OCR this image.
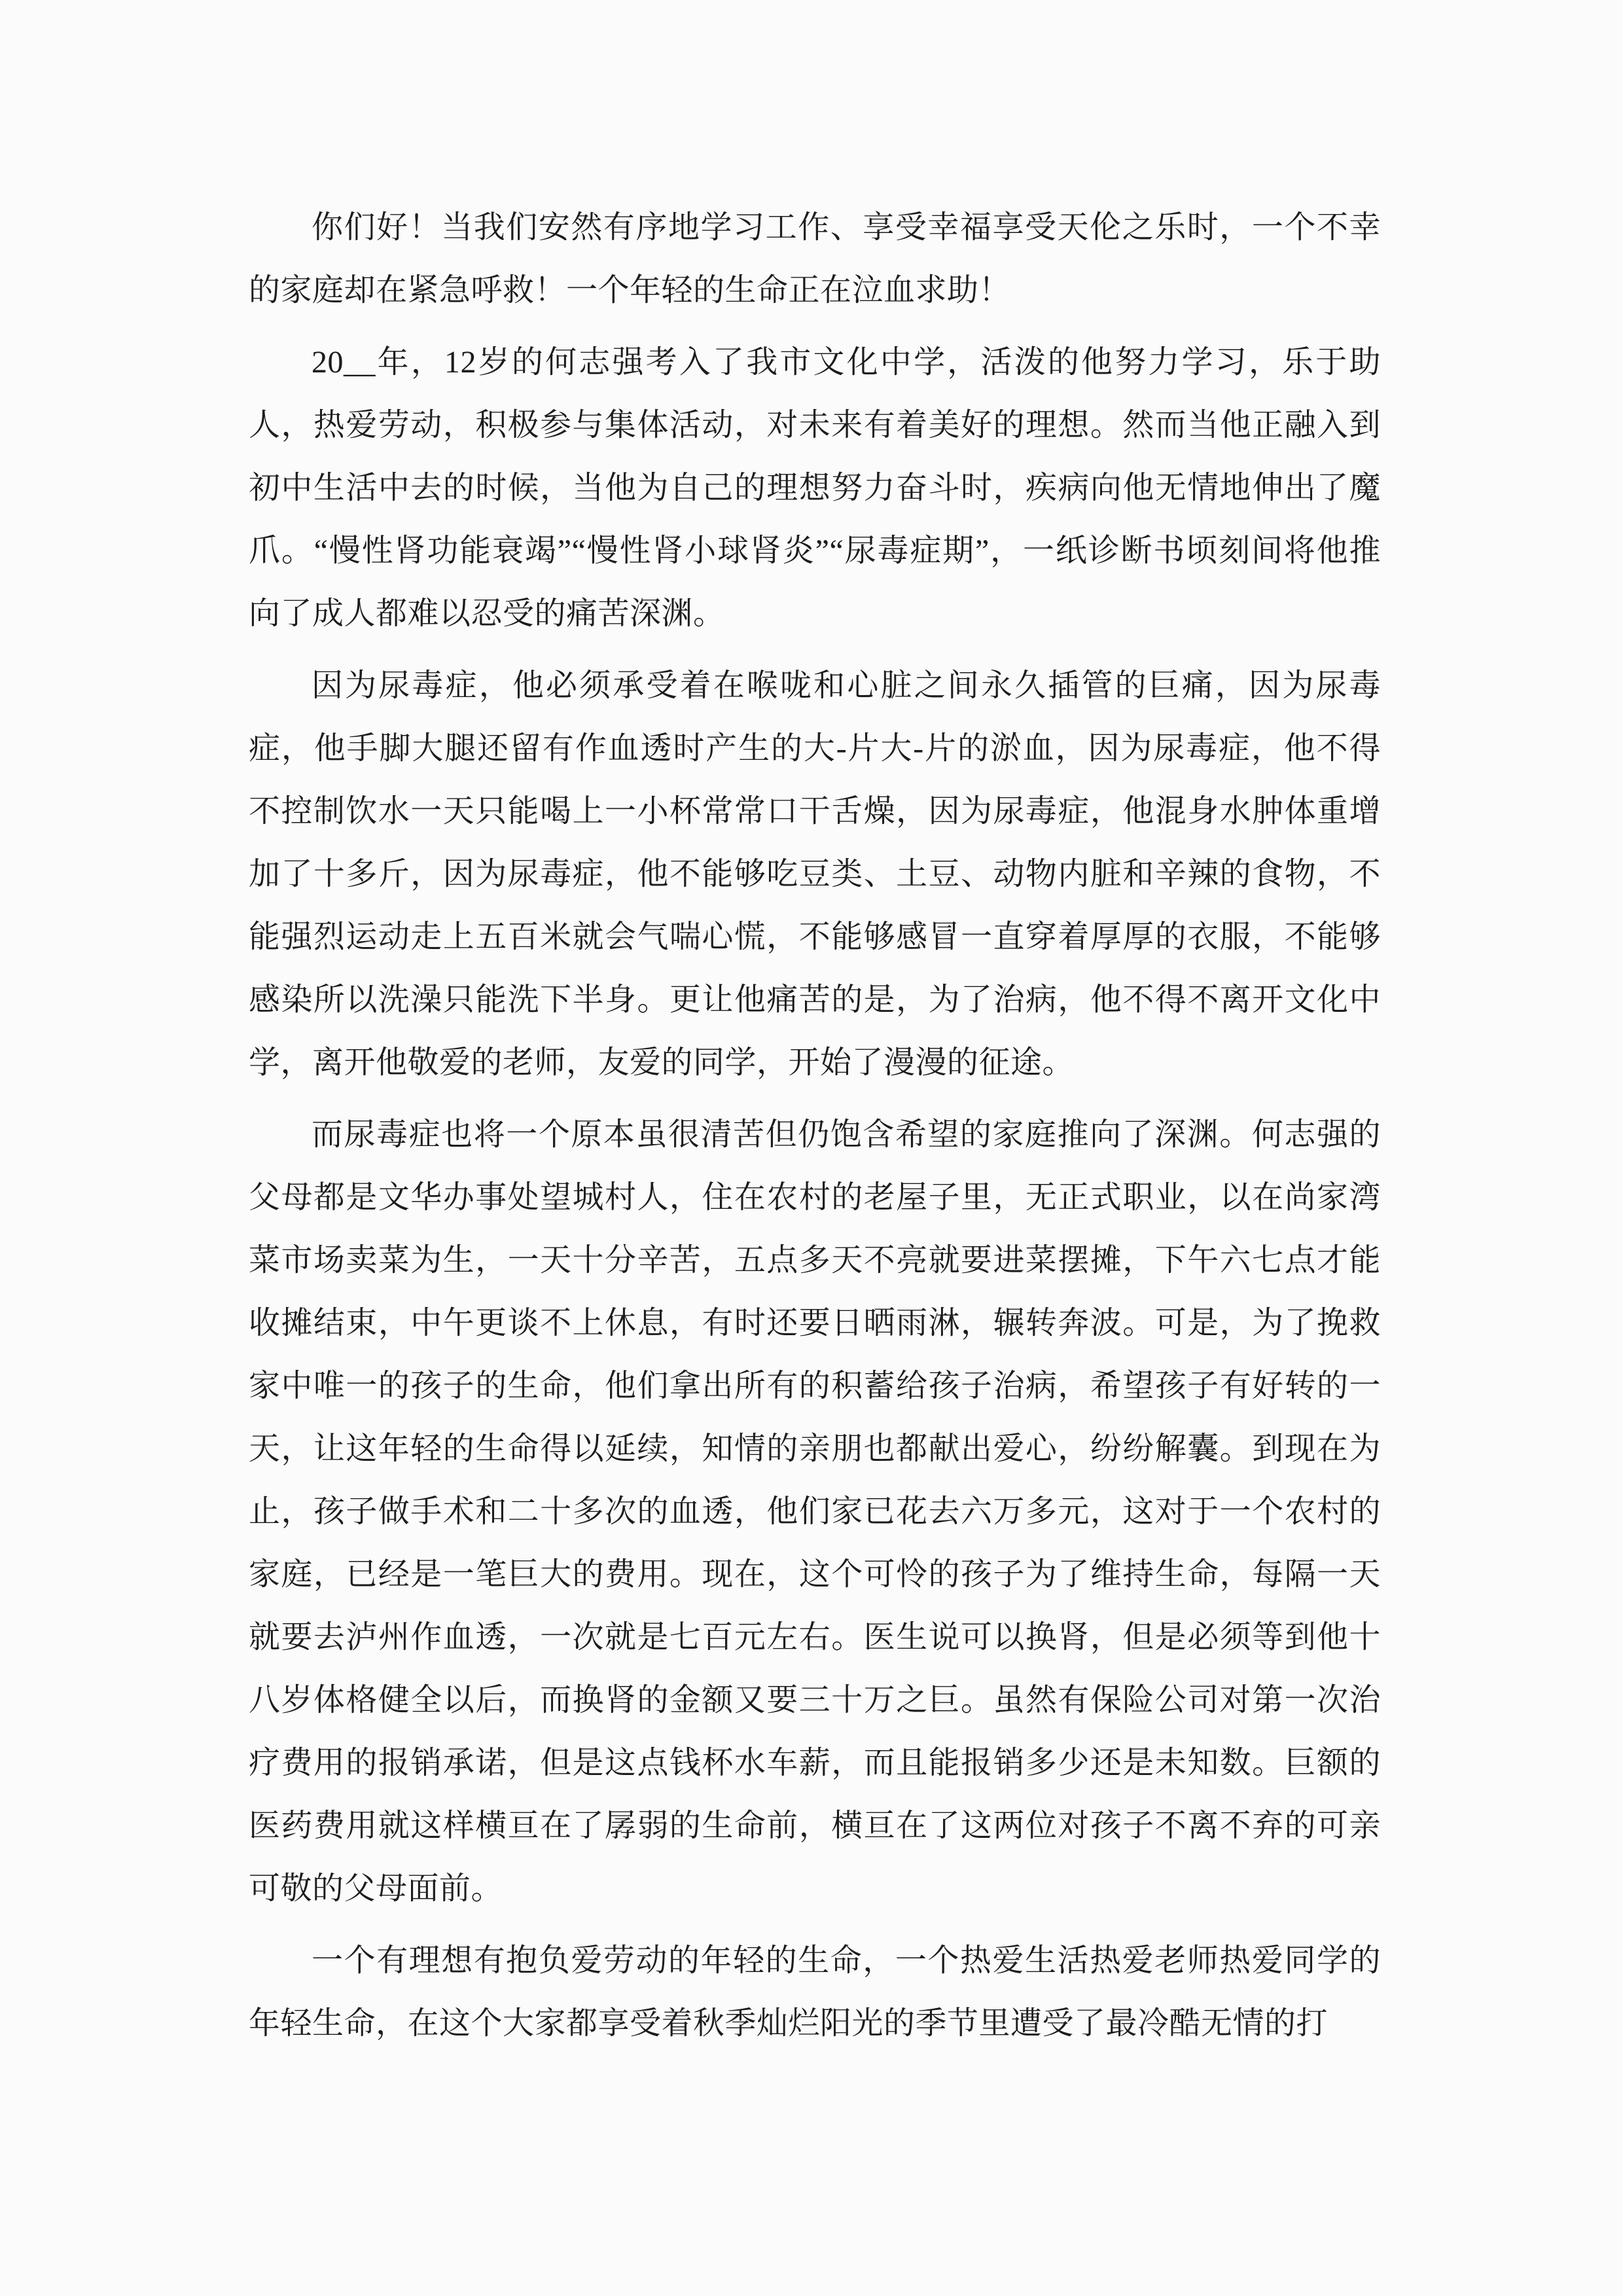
你们好！当我们安然有序地学习工作、享受幸福享受天伦之乐时，一个不幸的家庭却在紧急呼救！一个年轻的生命正在泣血求助！

20__年，12岁的何志强考入了我市文化中学，活泼的他努力学习，乐于助人，热爱劳动，积极参与集体活动，对未来有着美好的理想。然而当他正融入到初中生活中去的时候，当他为自己的理想努力奋斗时，疾病向他无情地伸出了魔爪。“慢性肾功能衰竭”“慢性肾小球肾炎”“尿毒症期”，一纸诊断书顷刻间将他推向了成人都难以忍受的痛苦深渊。

因为尿毒症，他必须承受着在喉咙和心脏之间永久插管的巨痛，因为尿毒症，他手脚大腿还留有作血透时产生的大-片大-片的淤血，因为尿毒症，他不得不控制饮水一天只能喝上一小杯常常口干舌燥，因为尿毒症，他混身水肿体重增加了十多斤，因为尿毒症，他不能够吃豆类、土豆、动物内脏和辛辣的食物，不能强烈运动走上五百米就会气喘心慌，不能够感冒一直穿着厚厚的衣服，不能够感染所以洗澡只能洗下半身。更让他痛苦的是，为了治病，他不得不离开文化中学，离开他敬爱的老师，友爱的同学，开始了漫漫的征途。

而尿毒症也将一个原本虽很清苦但仍饱含希望的家庭推向了深渊。何志强的父母都是文华办事处望城村人，住在农村的老屋子里，无正式职业，以在尚家湾菜市场卖菜为生，一天十分辛苦，五点多天不亮就要进菜摆摊，下午六七点才能收摊结束，中午更谈不上休息，有时还要日晒雨淋，辗转奔波。可是，为了挽救家中唯一的孩子的生命，他们拿出所有的积蓄给孩子治病，希望孩子有好转的一天，让这年轻的生命得以延续，知情的亲朋也都献出爱心，纷纷解囊。到现在为止，孩子做手术和二十多次的血透，他们家已花去六万多元，这对于一个农村的家庭，已经是一笔巨大的费用。现在，这个可怜的孩子为了维持生命，每隔一天就要去泸州作血透，一次就是七百元左右。医生说可以换肾，但是必须等到他十八岁体格健全以后，而换肾的金额又要三十万之巨。虽然有保险公司对第一次治疗费用的报销承诺，但是这点钱杯水车薪，而且能报销多少还是未知数。巨额的医药费用就这样横亘在了孱弱的生命前，横亘在了这两位对孩子不离不弃的可亲可敬的父母面前。

一个有理想有抱负爱劳动的年轻的生命，一个热爱生活热爱老师热爱同学的年轻生命，在这个大家都享受着秋季灿烂阳光的季节里遭受了最冷酷无情的打
